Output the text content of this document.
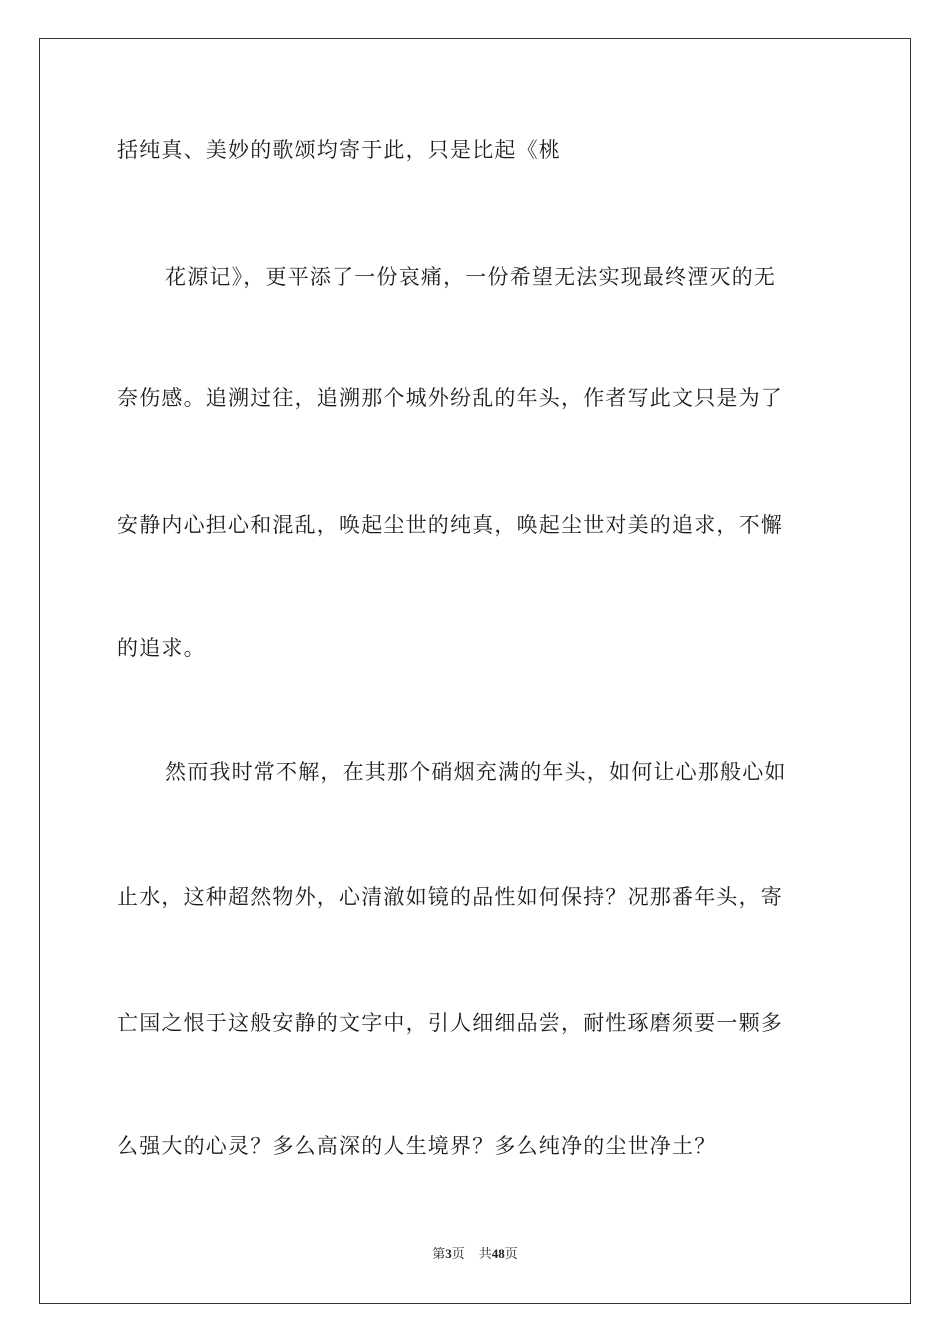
括纯真、美妙的歌颂均寄于此，只是比起《桃
花源记》，更平添了一份哀痛，一份希望无法实现最终湮灭的无
奈伤感。追溯过往，追溯那个城外纷乱的年头，作者写此文只是为了
安静内心担心和混乱，唤起尘世的纯真，唤起尘世对美的追求，不懈
的追求。
然而我时常不解，在其那个硝烟充满的年头，如何让心那般心如
止水，这种超然物外，心清澈如镜的品性如何保持？况那番年头，寄
亡国之恨于这般安静的文字中，引人细细品尝，耐性琢磨须要一颗多
么强大的心灵？多么高深的人生境界？多么纯净的尘世净土？
第3页 共48页
